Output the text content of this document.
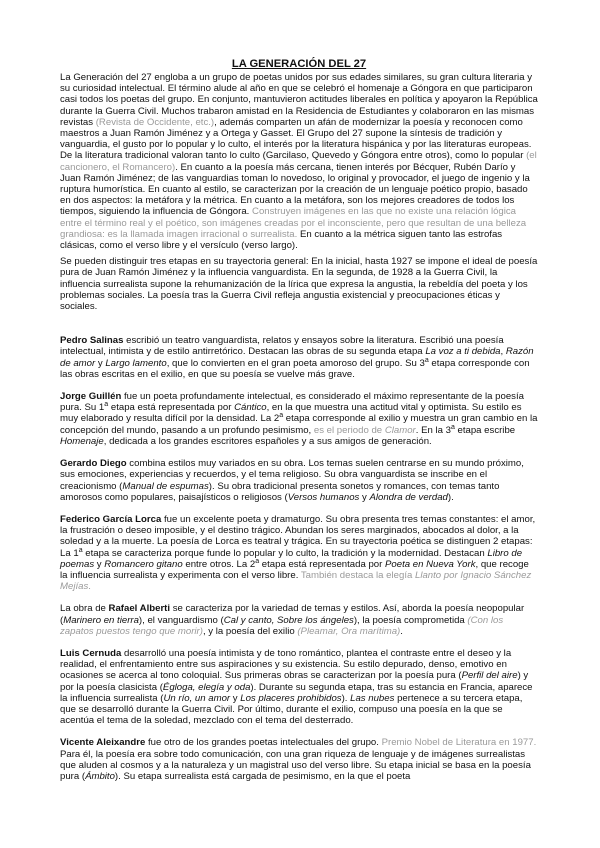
LA GENERACIÓN DEL 27

La Generación del 27 engloba a un grupo de poetas unidos por sus edades similares, su gran cultura literaria y su curiosidad intelectual. El término alude al año en que se celebró el homenaje a Góngora en que participaron casi todos los poetas del grupo. En conjunto, mantuvieron actitudes liberales en política y apoyaron la República durante la Guerra Civil. Muchos trabaron amistad en la Residencia de Estudiantes y colaboraron en las mismas revistas (Revista de Occidente, etc.), además comparten un afán de modernizar la poesía y reconocen como maestros a Juan Ramón Jiménez y a Ortega y Gasset. El Grupo del 27 supone la síntesis de tradición y vanguardia, el gusto por lo popular y lo culto, el interés por la literatura hispánica y por las literaturas europeas. De la literatura tradicional valoran tanto lo culto (Garcilaso, Quevedo y Góngora entre otros), como lo popular (el cancionero, el Romancero). En cuanto a la poesía más cercana, tienen interés por Bécquer, Rubén Darío y Juan Ramón Jiménez; de las vanguardias toman lo novedoso, lo original y provocador, el juego de ingenio y la ruptura humorística. En cuanto al estilo, se caracterizan por la creación de un lenguaje poético propio, basado en dos aspectos: la metáfora y la métrica. En cuanto a la metáfora, son los mejores creadores de todos los tiempos, siguiendo la influencia de Góngora. Construyen imágenes en las que no existe una relación lógica entre el término real y el poético, son imágenes creadas por el inconsciente, pero que resultan de una belleza grandiosa: es la llamada imagen irracional o surrealista. En cuanto a la métrica siguen tanto las estrofas clásicas, como el verso libre y el versículo (verso largo).

Se pueden distinguir tres etapas en su trayectoria general: En la inicial, hasta 1927 se impone el ideal de poesía pura de Juan Ramón Jiménez y la influencia vanguardista. En la segunda, de 1928 a la Guerra Civil, la influencia surrealista supone la rehumanización de la lírica que expresa la angustia, la rebeldía del poeta y los problemas sociales. La poesía tras la Guerra Civil refleja angustia existencial y preocupaciones éticas y sociales.

Pedro Salinas escribió un teatro vanguardista, relatos y ensayos sobre la literatura. Escribió una poesía intelectual, intimista y de estilo antirretórico. Destacan las obras de su segunda etapa La voz a ti debida, Razón de amor y Largo lamento, que lo convierten en el gran poeta amoroso del grupo. Su 3$^a$ etapa corresponde con las obras escritas en el exilio, en que su poesía se vuelve más grave.

Jorge Guillén fue un poeta profundamente intelectual, es considerado el máximo representante de la poesía pura. Su 1$^a$ etapa está representada por Cántico, en la que muestra una actitud vital y optimista. Su estilo es muy elaborado y resulta difícil por la densidad. La 2$^a$ etapa corresponde al exilio y muestra un gran cambio en la concepción del mundo, pasando a un profundo pesimismo, es el periodo de Clamor. En la 3$^a$ etapa escribe Homenaje, dedicada a los grandes escritores españoles y a sus amigos de generación.

Gerardo Diego combina estilos muy variados en su obra. Los temas suelen centrarse en su mundo próximo, sus emociones, experiencias y recuerdos, y el tema religioso. Su obra vanguardista se inscribe en el creacionismo (Manual de espumas). Su obra tradicional presenta sonetos y romances, con temas tanto amorosos como populares, paisajísticos o religiosos (Versos humanos y Alondra de verdad).

Federico García Lorca fue un excelente poeta y dramaturgo. Su obra presenta tres temas constantes: el amor, la frustración o deseo imposible, y el destino trágico. Abundan los seres marginados, abocados al dolor, a la soledad y a la muerte. La poesía de Lorca es teatral y trágica. En su trayectoria poética se distinguen 2 etapas: La 1$^a$ etapa se caracteriza porque funde lo popular y lo culto, la tradición y la modernidad. Destacan Libro de poemas y Romancero gitano entre otros. La 2$^a$ etapa está representada por Poeta en Nueva York, que recoge la influencia surrealista y experimenta con el verso libre. También destaca la elegía Llanto por Ignacio Sánchez Mejías.

La obra de Rafael Alberti se caracteriza por la variedad de temas y estilos. Así, aborda la poesía neopopular (Marinero en tierra), el vanguardismo (Cal y canto, Sobre los ángeles), la poesía comprometida (Con los zapatos puestos tengo que morir), y la poesía del exilio (Pleamar, Ora marítima).

Luis Cernuda desarrolló una poesía intimista y de tono romántico, plantea el contraste entre el deseo y la realidad, el enfrentamiento entre sus aspiraciones y su existencia. Su estilo depurado, denso, emotivo en ocasiones se acerca al tono coloquial. Sus primeras obras se caracterizan por la poesía pura (Perfil del aire) y por la poesía clasicista (Égloga, elegía y oda). Durante su segunda etapa, tras su estancia en Francia, aparece la influencia surrealista (Un río, un amor y Los placeres prohibidos). Las nubes pertenece a su tercera etapa, que se desarrolló durante la Guerra Civil. Por último, durante el exilio, compuso una poesía en la que se acentúa el tema de la soledad, mezclado con el tema del desterrado.

Vicente Aleixandre fue otro de los grandes poetas intelectuales del grupo. Premio Nobel de Literatura en 1977. Para él, la poesía era sobre todo comunicación, con una gran riqueza de lenguaje y de imágenes surrealistas que aluden al cosmos y a la naturaleza y un magistral uso del verso libre. Su etapa inicial se basa en la poesía pura (Ámbito). Su etapa surrealista está cargada de pesimismo, en la que el poeta
